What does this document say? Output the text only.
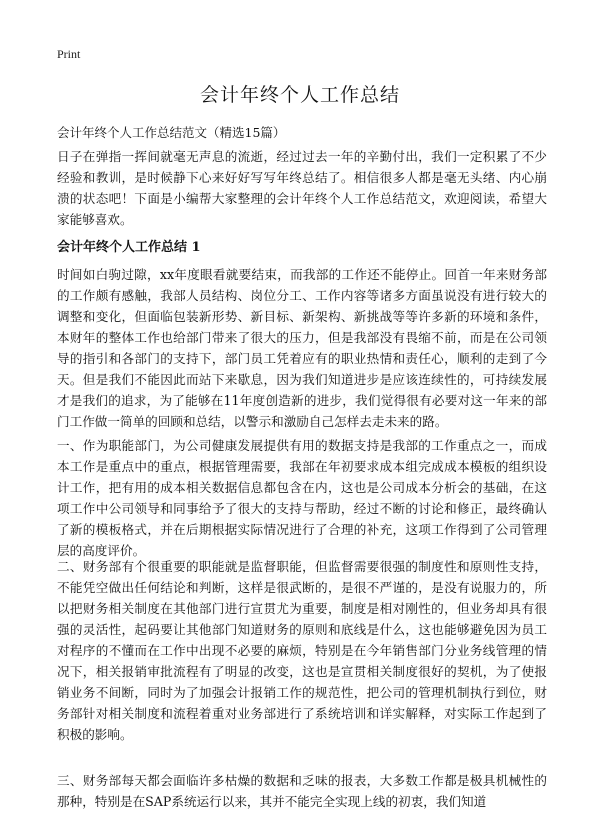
Print
会计年终个人工作总结
会计年终个人工作总结范文（精选15篇）

日子在弹指一挥间就毫无声息的流逝，经过过去一年的辛勤付出，我们一定积累了不少经验和教训，是时候静下心来好好写写年终总结了。相信很多人都是毫无头绪、内心崩溃的状态吧！下面是小编帮大家整理的会计年终个人工作总结范文，欢迎阅读，希望大家能够喜欢。

会计年终个人工作总结 1

时间如白驹过隙，xx年度眼看就要结束，而我部的工作还不能停止。回首一年来财务部的工作颇有感触，我部人员结构、岗位分工、工作内容等诸多方面虽说没有进行较大的调整和变化，但面临包装新形势、新目标、新架构、新挑战等等许多新的环境和条件，本财年的整体工作也给部门带来了很大的压力，但是我部没有畏缩不前，而是在公司领导的指引和各部门的支持下，部门员工凭着应有的职业热情和责任心，顺利的走到了今天。但是我们不能因此而站下来歇息，因为我们知道进步是应该连续性的，可持续发展才是我们的追求，为了能够在11年度创造新的进步，我们觉得很有必要对这一年来的部门工作做一简单的回顾和总结，以警示和激励自己怎样去走未来的路。

一、作为职能部门，为公司健康发展提供有用的数据支持是我部的工作重点之一，而成本工作是重点中的重点，根据管理需要，我部在年初要求成本组完成成本模板的组织设计工作，把有用的成本相关数据信息都包含在内，这也是公司成本分析会的基础，在这项工作中公司领导和同事给予了很大的支持与帮助，经过不断的讨论和修正，最终确认了新的模板格式，并在后期根据实际情况进行了合理的补充，这项工作得到了公司管理层的高度评价。

二、财务部有个很重要的职能就是监督职能，但监督需要很强的制度性和原则性支持，不能凭空做出任何结论和判断，这样是很武断的，是很不严谨的，是没有说服力的，所以把财务相关制度在其他部门进行宣贯尤为重要，制度是相对刚性的，但业务却具有很强的灵活性，起码要让其他部门知道财务的原则和底线是什么，这也能够避免因为员工对程序的不懂而在工作中出现不必要的麻烦，特别是在今年销售部门分业务线管理的情况下，相关报销审批流程有了明显的改变，这也是宣贯相关制度很好的契机，为了使报销业务不间断，同时为了加强会计报销工作的规范性，把公司的管理机制执行到位，财务部针对相关制度和流程着重对业务部进行了系统培训和详实解释，对实际工作起到了积极的影响。

三、财务部每天都会面临许多枯燥的数据和乏味的报表，大多数工作都是极具机械性的那种，特别是在SAP系统运行以来，其并不能完全实现上线的初衷，我们知道
